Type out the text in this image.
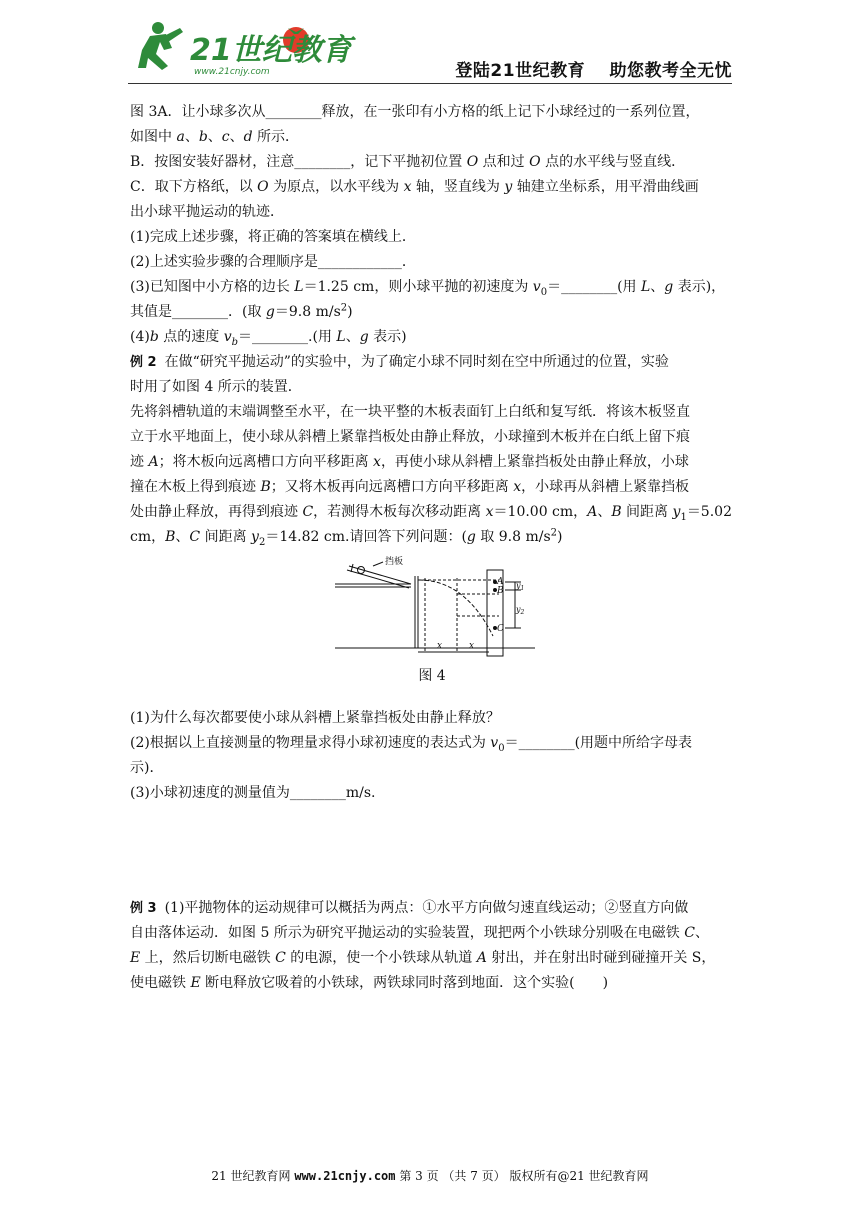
21世纪教育
www.21cnjy.com	登陆21世纪教育 助您教考全无忧

图 3A．让小球多次从________释放，在一张印有小方格的纸上记下小球经过的一系列位置，

如图中 a、b、c、d 所示．

B．按图安装好器材，注意________，记下平抛初位置 O 点和过 O 点的水平线与竖直线．

C．取下方格纸，以 O 为原点，以水平线为 x 轴，竖直线为 y 轴建立坐标系，用平滑曲线画

出小球平抛运动的轨迹．

(1)完成上述步骤，将正确的答案填在横线上．

(2)上述实验步骤的合理顺序是____________．

(3)已知图中小方格的边长 L＝1.25 cm，则小球平抛的初速度为 $v_0=\_\_\_\_\_\_\_\_$(用 L、g 表示)，

其值是________．(取 g＝9.8 $m/s^2$)

(4)b 点的速度 $v_b=\_\_\_\_\_\_\_\_$.(用 L、g 表示)

例 2 在做“研究平抛运动”的实验中，为了确定小球不同时刻在空中所通过的位置，实验

时用了如图 4 所示的装置．

先将斜槽轨道的末端调整至水平，在一块平整的木板表面钉上白纸和复写纸．将该木板竖直

立于水平地面上，使小球从斜槽上紧靠挡板处由静止释放，小球撞到木板并在白纸上留下痕

迹 A；将木板向远离槽口方向平移距离 x，再使小球从斜槽上紧靠挡板处由静止释放，小球

撞在木板上得到痕迹 B；又将木板再向远离槽口方向平移距离 x，小球再从斜槽上紧靠挡板

处由静止释放，再得到痕迹 C，若测得木板每次移动距离 x＝10.00 cm，A、B 间距离 $y_1=5.02$

cm，B、C 间距离 $y_2=14.82$ cm.请回答下列问题：(g 取 9.8 $m/s^2$)

挡板
A
B
C
$y_1$
$y_2$
x	x
图 4

(1)为什么每次都要使小球从斜槽上紧靠挡板处由静止释放？

(2)根据以上直接测量的物理量求得小球初速度的表达式为 $v_0=\_\_\_\_\_\_\_\_$(用题中所给字母表

示)．

(3)小球初速度的测量值为________m/s.

例 3 (1)平抛物体的运动规律可以概括为两点：①水平方向做匀速直线运动；②竖直方向做

自由落体运动．如图 5 所示为研究平抛运动的实验装置，现把两个小铁球分别吸在电磁铁 C、

E 上，然后切断电磁铁 C 的电源，使一个小铁球从轨道 A 射出，并在射出时碰到碰撞开关 S，

使电磁铁 E 断电释放它吸着的小铁球，两铁球同时落到地面．这个实验(　　)

21 世纪教育网 www.21cnjy.com 第 3 页 （共 7 页） 版权所有@21 世纪教育网
